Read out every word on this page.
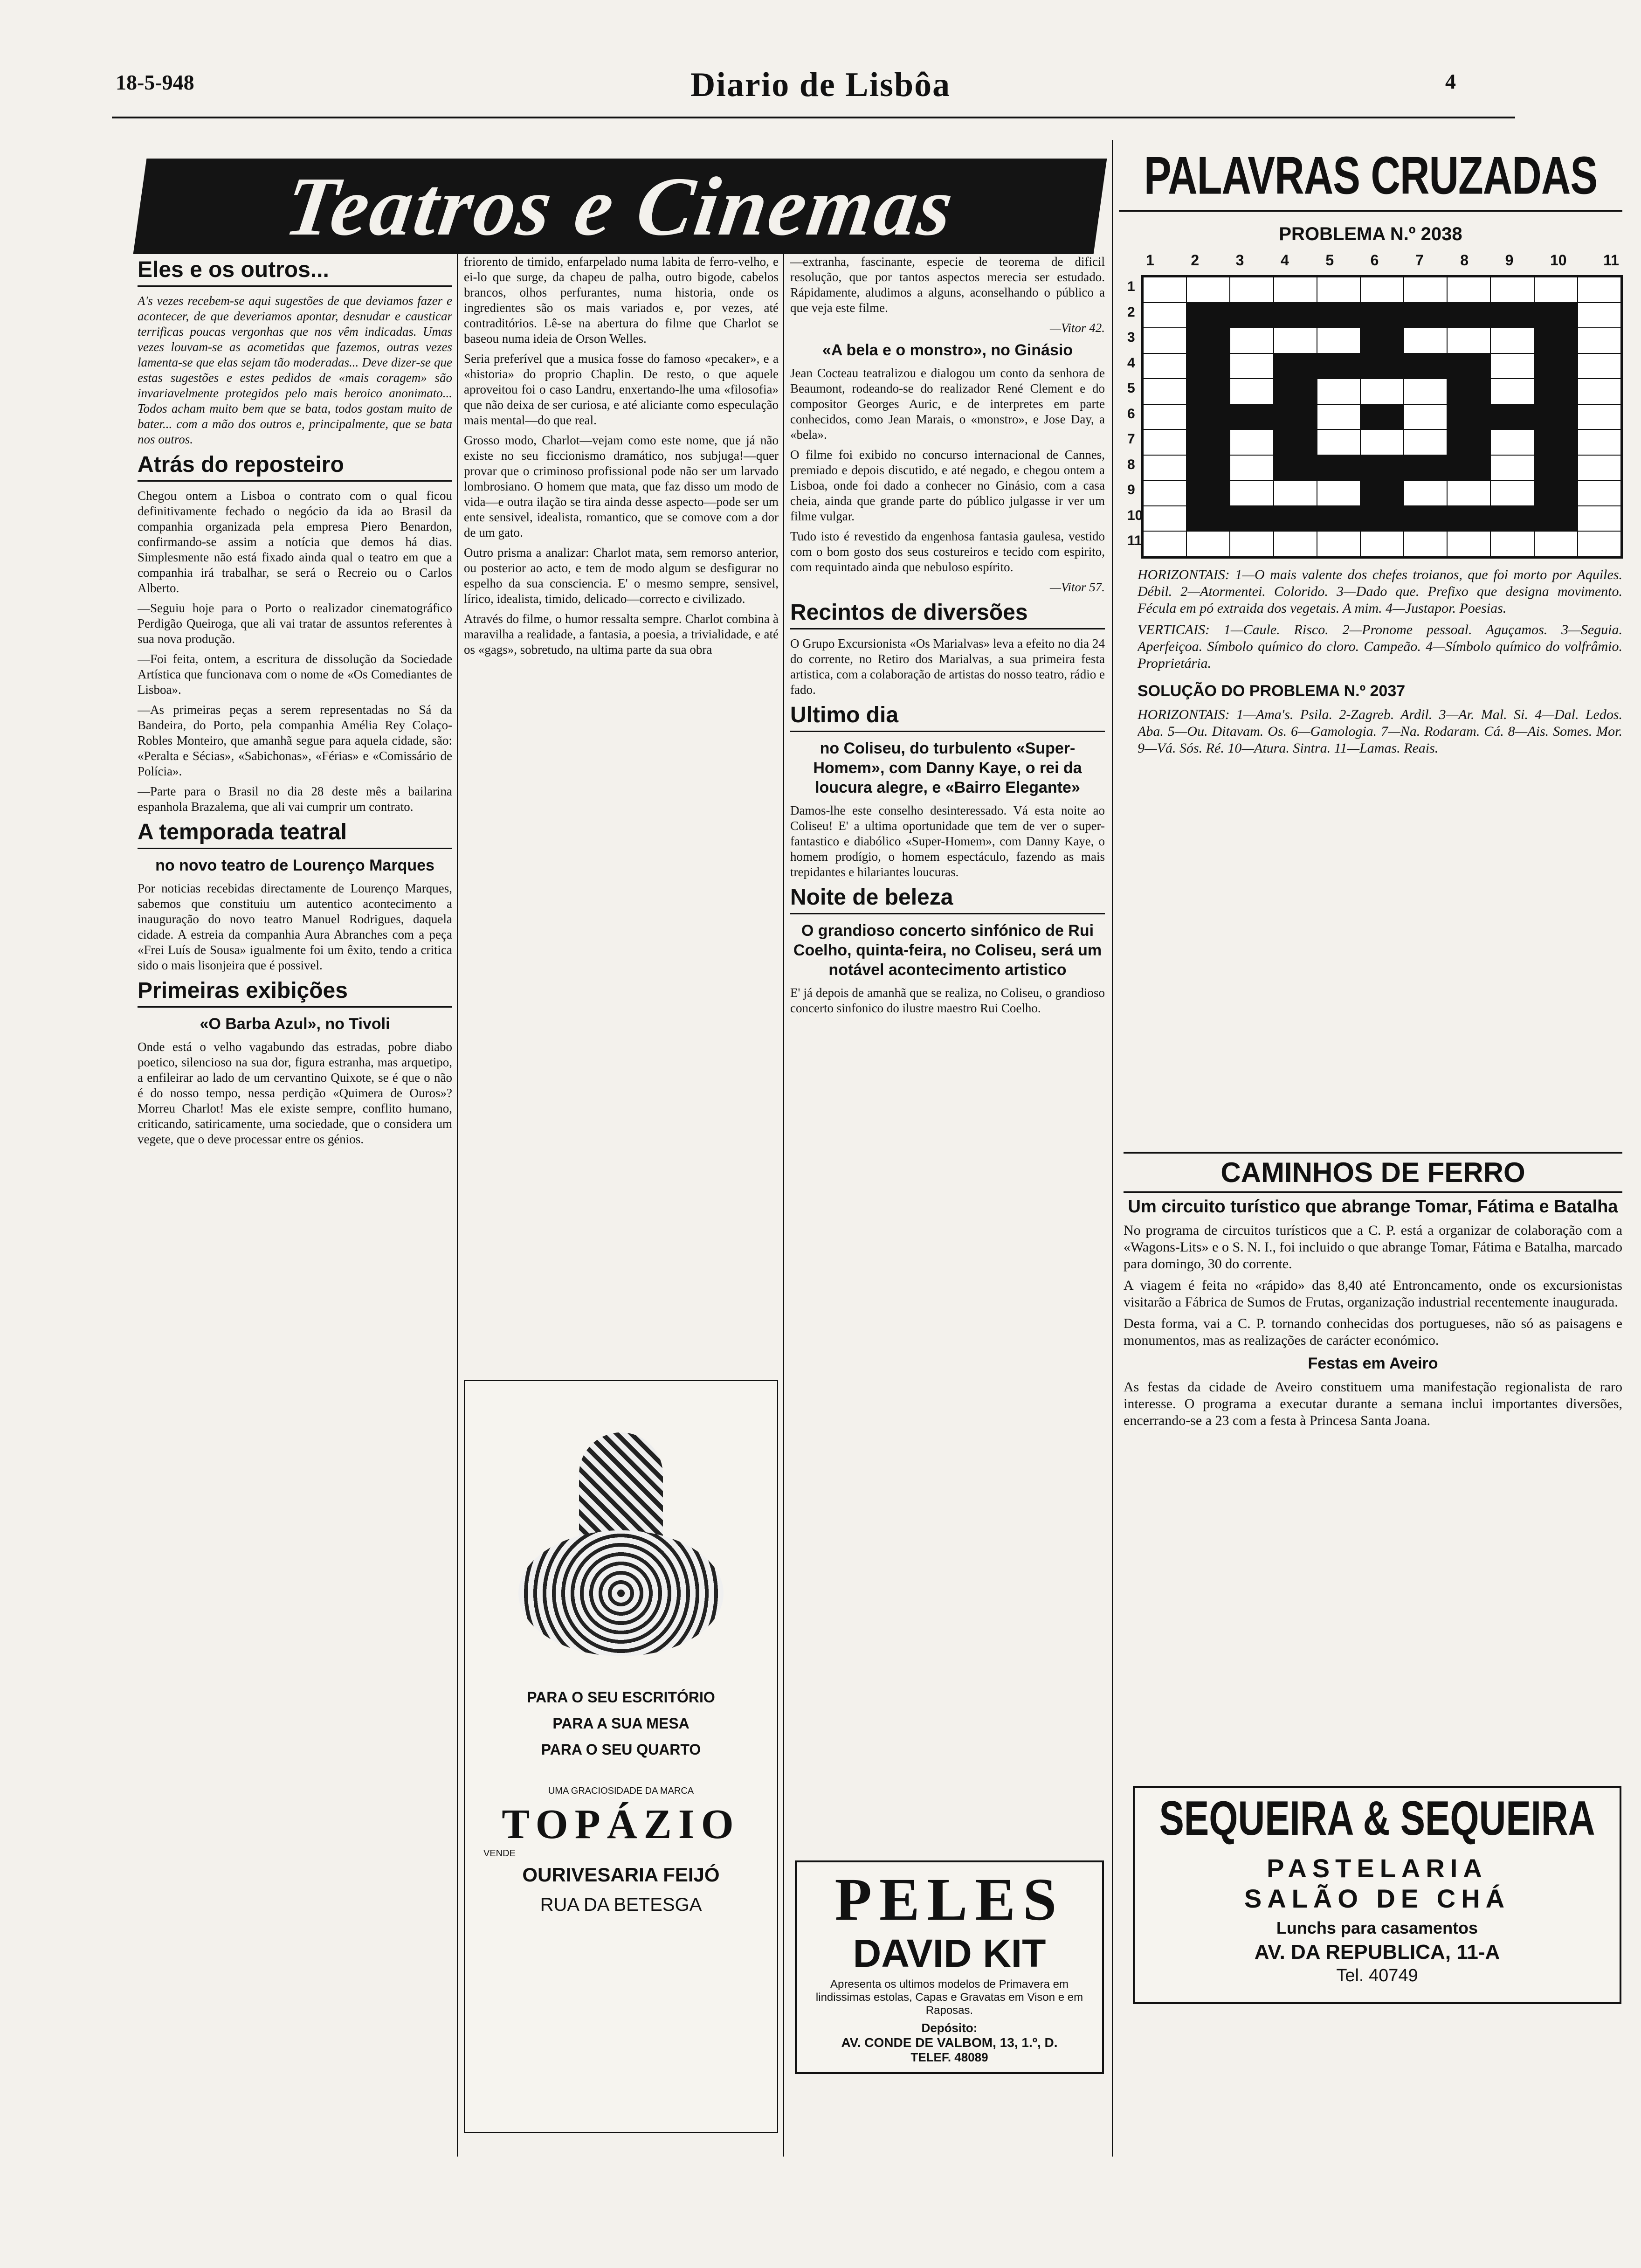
18-5-948	Diario de Lisbôa	4
Teatros e Cinemas
Eles e os outros...

A's vezes recebem-se aqui sugestões de que deviamos fazer e acontecer, de que deveriamos apontar, desnudar e causticar terrificas poucas vergonhas que nos vêm indicadas. Umas vezes louvam-se as acometidas que fazemos, outras vezes lamenta-se que elas sejam tão moderadas... Deve dizer-se que estas sugestões e estes pedidos de «mais coragem» são invariavelmente protegidos pelo mais heroico anonimato... Todos acham muito bem que se bata, todos gostam muito de bater... com a mão dos outros e, principalmente, que se bata nos outros.

Atrás do reposteiro

Chegou ontem a Lisboa o contrato com o qual ficou definitivamente fechado o negócio da ida ao Brasil da companhia organizada pela empresa Piero Benardon, confirmando-se assim a notícia que demos há dias. Simplesmente não está fixado ainda qual o teatro em que a companhia irá trabalhar, se será o Recreio ou o Carlos Alberto.

—Seguiu hoje para o Porto o realizador cinematográfico Perdigão Queiroga, que ali vai tratar de assuntos referentes à sua nova produção.

—Foi feita, ontem, a escritura de dissolução da Sociedade Artística que funcionava com o nome de «Os Comediantes de Lisboa».

—As primeiras peças a serem representadas no Sá da Bandeira, do Porto, pela companhia Amélia Rey Colaço-Robles Monteiro, que amanhã segue para aquela cidade, são: «Peralta e Sécias», «Sabichonas», «Férias» e «Comissário de Polícia».

—Parte para o Brasil no dia 28 deste mês a bailarina espanhola Brazalema, que ali vai cumprir um contrato.

A temporada teatral
no novo teatro de Lourenço Marques

Por noticias recebidas directamente de Lourenço Marques, sabemos que constituiu um autentico acontecimento a inauguração do novo teatro Manuel Rodrigues, daquela cidade. A estreia da companhia Aura Abranches com a peça «Frei Luís de Sousa» igualmente foi um êxito, tendo a critica sido o mais lisonjeira que é possivel.

Primeiras exibições
«O Barba Azul», no Tivoli

Onde está o velho vagabundo das estradas, pobre diabo poetico, silencioso na sua dor, figura estranha, mas arquetipo, a enfileirar ao lado de um cervantino Quixote, se é que o não é do nosso tempo, nessa perdição «Quimera de Ouros»? Morreu Charlot! Mas ele existe sempre, conflito humano, criticando, satiricamente, uma sociedade, que o considera um vegete, que o deve processar entre os génios.

friorento de timido, enfarpelado numa labita de ferro-velho, e ei-lo que surge, da chapeu de palha, outro bigode, cabelos brancos, olhos perfurantes, numa historia, onde os ingredientes são os mais variados e, por vezes, até contraditórios. Lê-se na abertura do filme que Charlot se baseou numa ideia de Orson Welles.

Seria preferível que a musica fosse do famoso «pecaker», e a «historia» do proprio Chaplin. De resto, o que aquele aproveitou foi o caso Landru, enxertando-lhe uma «filosofia» que não deixa de ser curiosa, e até aliciante como especulação mais mental—do que real.

Grosso modo, Charlot—vejam como este nome, que já não existe no seu ficcionismo dramático, nos subjuga!—quer provar que o criminoso profissional pode não ser um larvado lombrosiano. O homem que mata, que faz disso um modo de vida—e outra ilação se tira ainda desse aspecto—pode ser um ente sensivel, idealista, romantico, que se comove com a dor de um gato.

Outro prisma a analizar: Charlot mata, sem remorso anterior, ou posterior ao acto, e tem de modo algum se desfigurar no espelho da sua consciencia. E' o mesmo sempre, sensivel, lírico, idealista, timido, delicado—correcto e civilizado.

Através do filme, o humor ressalta sempre. Charlot combina à maravilha a realidade, a fantasia, a poesia, a trivialidade, e até os «gags», sobretudo, na ultima parte da sua obra

PARA O SEU ESCRITÓRIO
PARA A SUA MESA
PARA O SEU QUARTO
UMA GRACIOSIDADE DA MARCA
TOPÁZIO
VENDE
OURIVESARIA FEIJÓ
RUA DA BETESGA

—extranha, fascinante, especie de teorema de dificil resolução, que por tantos aspectos merecia ser estudado. Rápidamente, aludimos a alguns, aconselhando o público a que veja este filme.

—Vitor 42.

«A bela e o monstro», no Ginásio

Jean Cocteau teatralizou e dialogou um conto da senhora de Beaumont, rodeando-se do realizador René Clement e do compositor Georges Auric, e de interpretes em parte conhecidos, como Jean Marais, o «monstro», e Jose Day, a «bela».

O filme foi exibido no concurso internacional de Cannes, premiado e depois discutido, e até negado, e chegou ontem a Lisboa, onde foi dado a conhecer no Ginásio, com a casa cheia, ainda que grande parte do público julgasse ir ver um filme vulgar.

Tudo isto é revestido da engenhosa fantasia gaulesa, vestido com o bom gosto dos seus costureiros e tecido com espirito, com requintado ainda que nebuloso espírito.

—Vitor 57.

Recintos de diversões

O Grupo Excursionista «Os Marialvas» leva a efeito no dia 24 do corrente, no Retiro dos Marialvas, a sua primeira festa artistica, com a colaboração de artistas do nosso teatro, rádio e fado.

Ultimo dia
no Coliseu, do turbulento «Super-Homem», com Danny Kaye, o rei da loucura alegre, e «Bairro Elegante»

Damos-lhe este conselho desinteressado. Vá esta noite ao Coliseu! E' a ultima oportunidade que tem de ver o super-fantastico e diabólico «Super-Homem», com Danny Kaye, o homem prodígio, o homem espectáculo, fazendo as mais trepidantes e hilariantes loucuras.

Noite de beleza
O grandioso concerto sinfónico de Rui Coelho, quinta-feira, no Coliseu, será um notável acontecimento artistico

E' já depois de amanhã que se realiza, no Coliseu, o grandioso concerto sinfonico do ilustre maestro Rui Coelho.

PELES
DAVID KIT
Apresenta os ultimos modelos de Primavera em lindissimas estolas, Capas e Gravatas em Vison e em Raposas.
Depósito:
AV. CONDE DE VALBOM, 13, 1.º, D.
TELEF. 48089
PALAVRAS CRUZADAS
PROBLEMA N.º 2038
1 2 3 4 5 6 7 8 9 10 11
1
2
3
4
5
6
7
8
9
10
11

HORIZONTAIS: 1—O mais valente dos chefes troianos, que foi morto por Aquiles. Débil. 2—Atormentei. Colorido. 3—Dado que. Prefixo que designa movimento. Fécula em pó extraida dos vegetais. A mim. 4—Justapor. Poesias.

VERTICAIS: 1—Caule. Risco. 2—Pronome pessoal. Aguçamos. 3—Seguia. Aperfeiçoa. Símbolo químico do cloro. Campeão. 4—Símbolo químico do volfrâmio. Proprietária.

SOLUÇÃO DO PROBLEMA N.º 2037

HORIZONTAIS: 1—Ama's. Psila. 2-Zagreb. Ardil. 3—Ar. Mal. Si. 4—Dal. Ledos. Aba. 5—Ou. Ditavam. Os. 6—Gamologia. 7—Na. Rodaram. Cá. 8—Ais. Somes. Mor. 9—Vá. Sós. Ré. 10—Atura. Sintra. 11—Lamas. Reais.

CAMINHOS DE FERRO
Um circuito turístico que abrange Tomar, Fátima e Batalha

No programa de circuitos turísticos que a C. P. está a organizar de colaboração com a «Wagons-Lits» e o S. N. I., foi incluido o que abrange Tomar, Fátima e Batalha, marcado para domingo, 30 do corrente.

A viagem é feita no «rápido» das 8,40 até Entroncamento, onde os excursionistas visitarão a Fábrica de Sumos de Frutas, organização industrial recentemente inaugurada.

Desta forma, vai a C. P. tornando conhecidas dos portugueses, não só as paisagens e monumentos, mas as realizações de carácter económico.

Festas em Aveiro

As festas da cidade de Aveiro constituem uma manifestação regionalista de raro interesse. O programa a executar durante a semana inclui importantes diversões, encerrando-se a 23 com a festa à Princesa Santa Joana.

SEQUEIRA & SEQUEIRA
PASTELARIA
SALÃO DE CHÁ
Lunchs para casamentos
AV. DA REPUBLICA, 11-A
Tel. 40749
